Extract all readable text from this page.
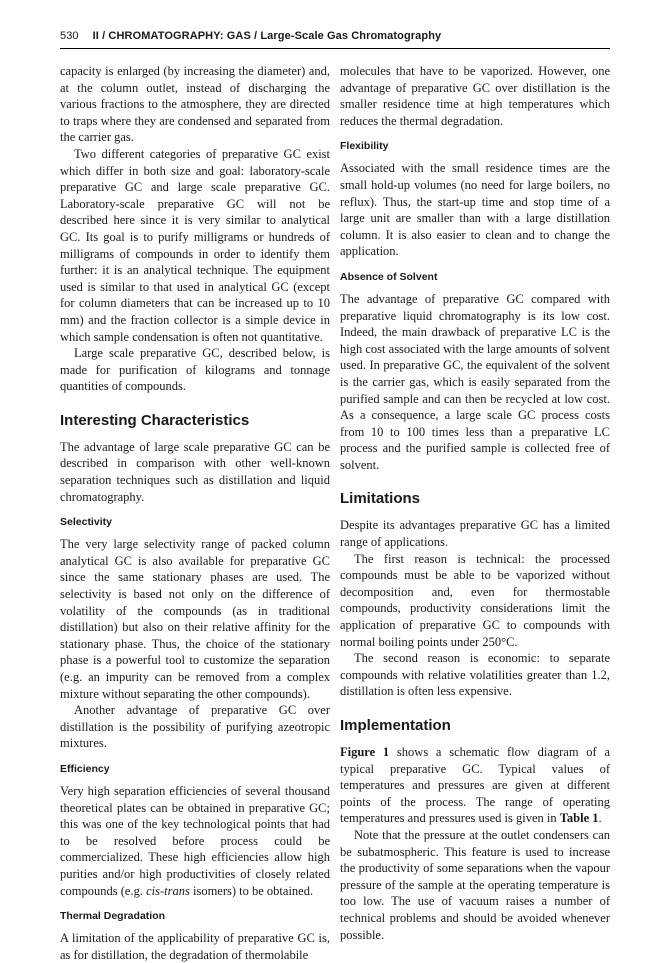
530 II / CHROMATOGRAPHY: GAS / Large-Scale Gas Chromatography

capacity is enlarged (by increasing the diameter) and, at the column outlet, instead of discharging the various fractions to the atmosphere, they are directed to traps where they are condensed and separated from the carrier gas.

Two different categories of preparative GC exist which differ in both size and goal: laboratory-scale preparative GC and large scale preparative GC. Laboratory-scale preparative GC will not be described here since it is very similar to analytical GC. Its goal is to purify milligrams or hundreds of milligrams of compounds in order to identify them further: it is an analytical technique. The equipment used is similar to that used in analytical GC (except for column diameters that can be increased up to 10 mm) and the fraction collector is a simple device in which sample condensation is often not quantitative.

Large scale preparative GC, described below, is made for purification of kilograms and tonnage quantities of compounds.

Interesting Characteristics

The advantage of large scale preparative GC can be described in comparison with other well-known separation techniques such as distillation and liquid chromatography.

Selectivity

The very large selectivity range of packed column analytical GC is also available for preparative GC since the same stationary phases are used. The selectivity is based not only on the difference of volatility of the compounds (as in traditional distillation) but also on their relative affinity for the stationary phase. Thus, the choice of the stationary phase is a powerful tool to customize the separation (e.g. an impurity can be removed from a complex mixture without separating the other compounds).

Another advantage of preparative GC over distillation is the possibility of purifying azeotropic mixtures.

Efficiency

Very high separation efficiencies of several thousand theoretical plates can be obtained in preparative GC; this was one of the key technological points that had to be resolved before process could be commercialized. These high efficiencies allow high purities and/or high productivities of closely related compounds (e.g. cis-trans isomers) to be obtained.

Thermal Degradation

A limitation of the applicability of preparative GC is, as for distillation, the degradation of thermolabile

molecules that have to be vaporized. However, one advantage of preparative GC over distillation is the smaller residence time at high temperatures which reduces the thermal degradation.

Flexibility

Associated with the small residence times are the small hold-up volumes (no need for large boilers, no reflux). Thus, the start-up time and stop time of a large unit are smaller than with a large distillation column. It is also easier to clean and to change the application.

Absence of Solvent

The advantage of preparative GC compared with preparative liquid chromatography is its low cost. Indeed, the main drawback of preparative LC is the high cost associated with the large amounts of solvent used. In preparative GC, the equivalent of the solvent is the carrier gas, which is easily separated from the purified sample and can then be recycled at low cost. As a consequence, a large scale GC process costs from 10 to 100 times less than a preparative LC process and the purified sample is collected free of solvent.

Limitations

Despite its advantages preparative GC has a limited range of applications.

The first reason is technical: the processed compounds must be able to be vaporized without decomposition and, even for thermostable compounds, productivity considerations limit the application of preparative GC to compounds with normal boiling points under 250°C.

The second reason is economic: to separate compounds with relative volatilities greater than 1.2, distillation is often less expensive.

Implementation

Figure 1 shows a schematic flow diagram of a typical preparative GC. Typical values of temperatures and pressures are given at different points of the process. The range of operating temperatures and pressures used is given in Table 1.

Note that the pressure at the outlet condensers can be subatmospheric. This feature is used to increase the productivity of some separations when the vapour pressure of the sample at the operating temperature is too low. The use of vacuum raises a number of technical problems and should be avoided whenever possible.
